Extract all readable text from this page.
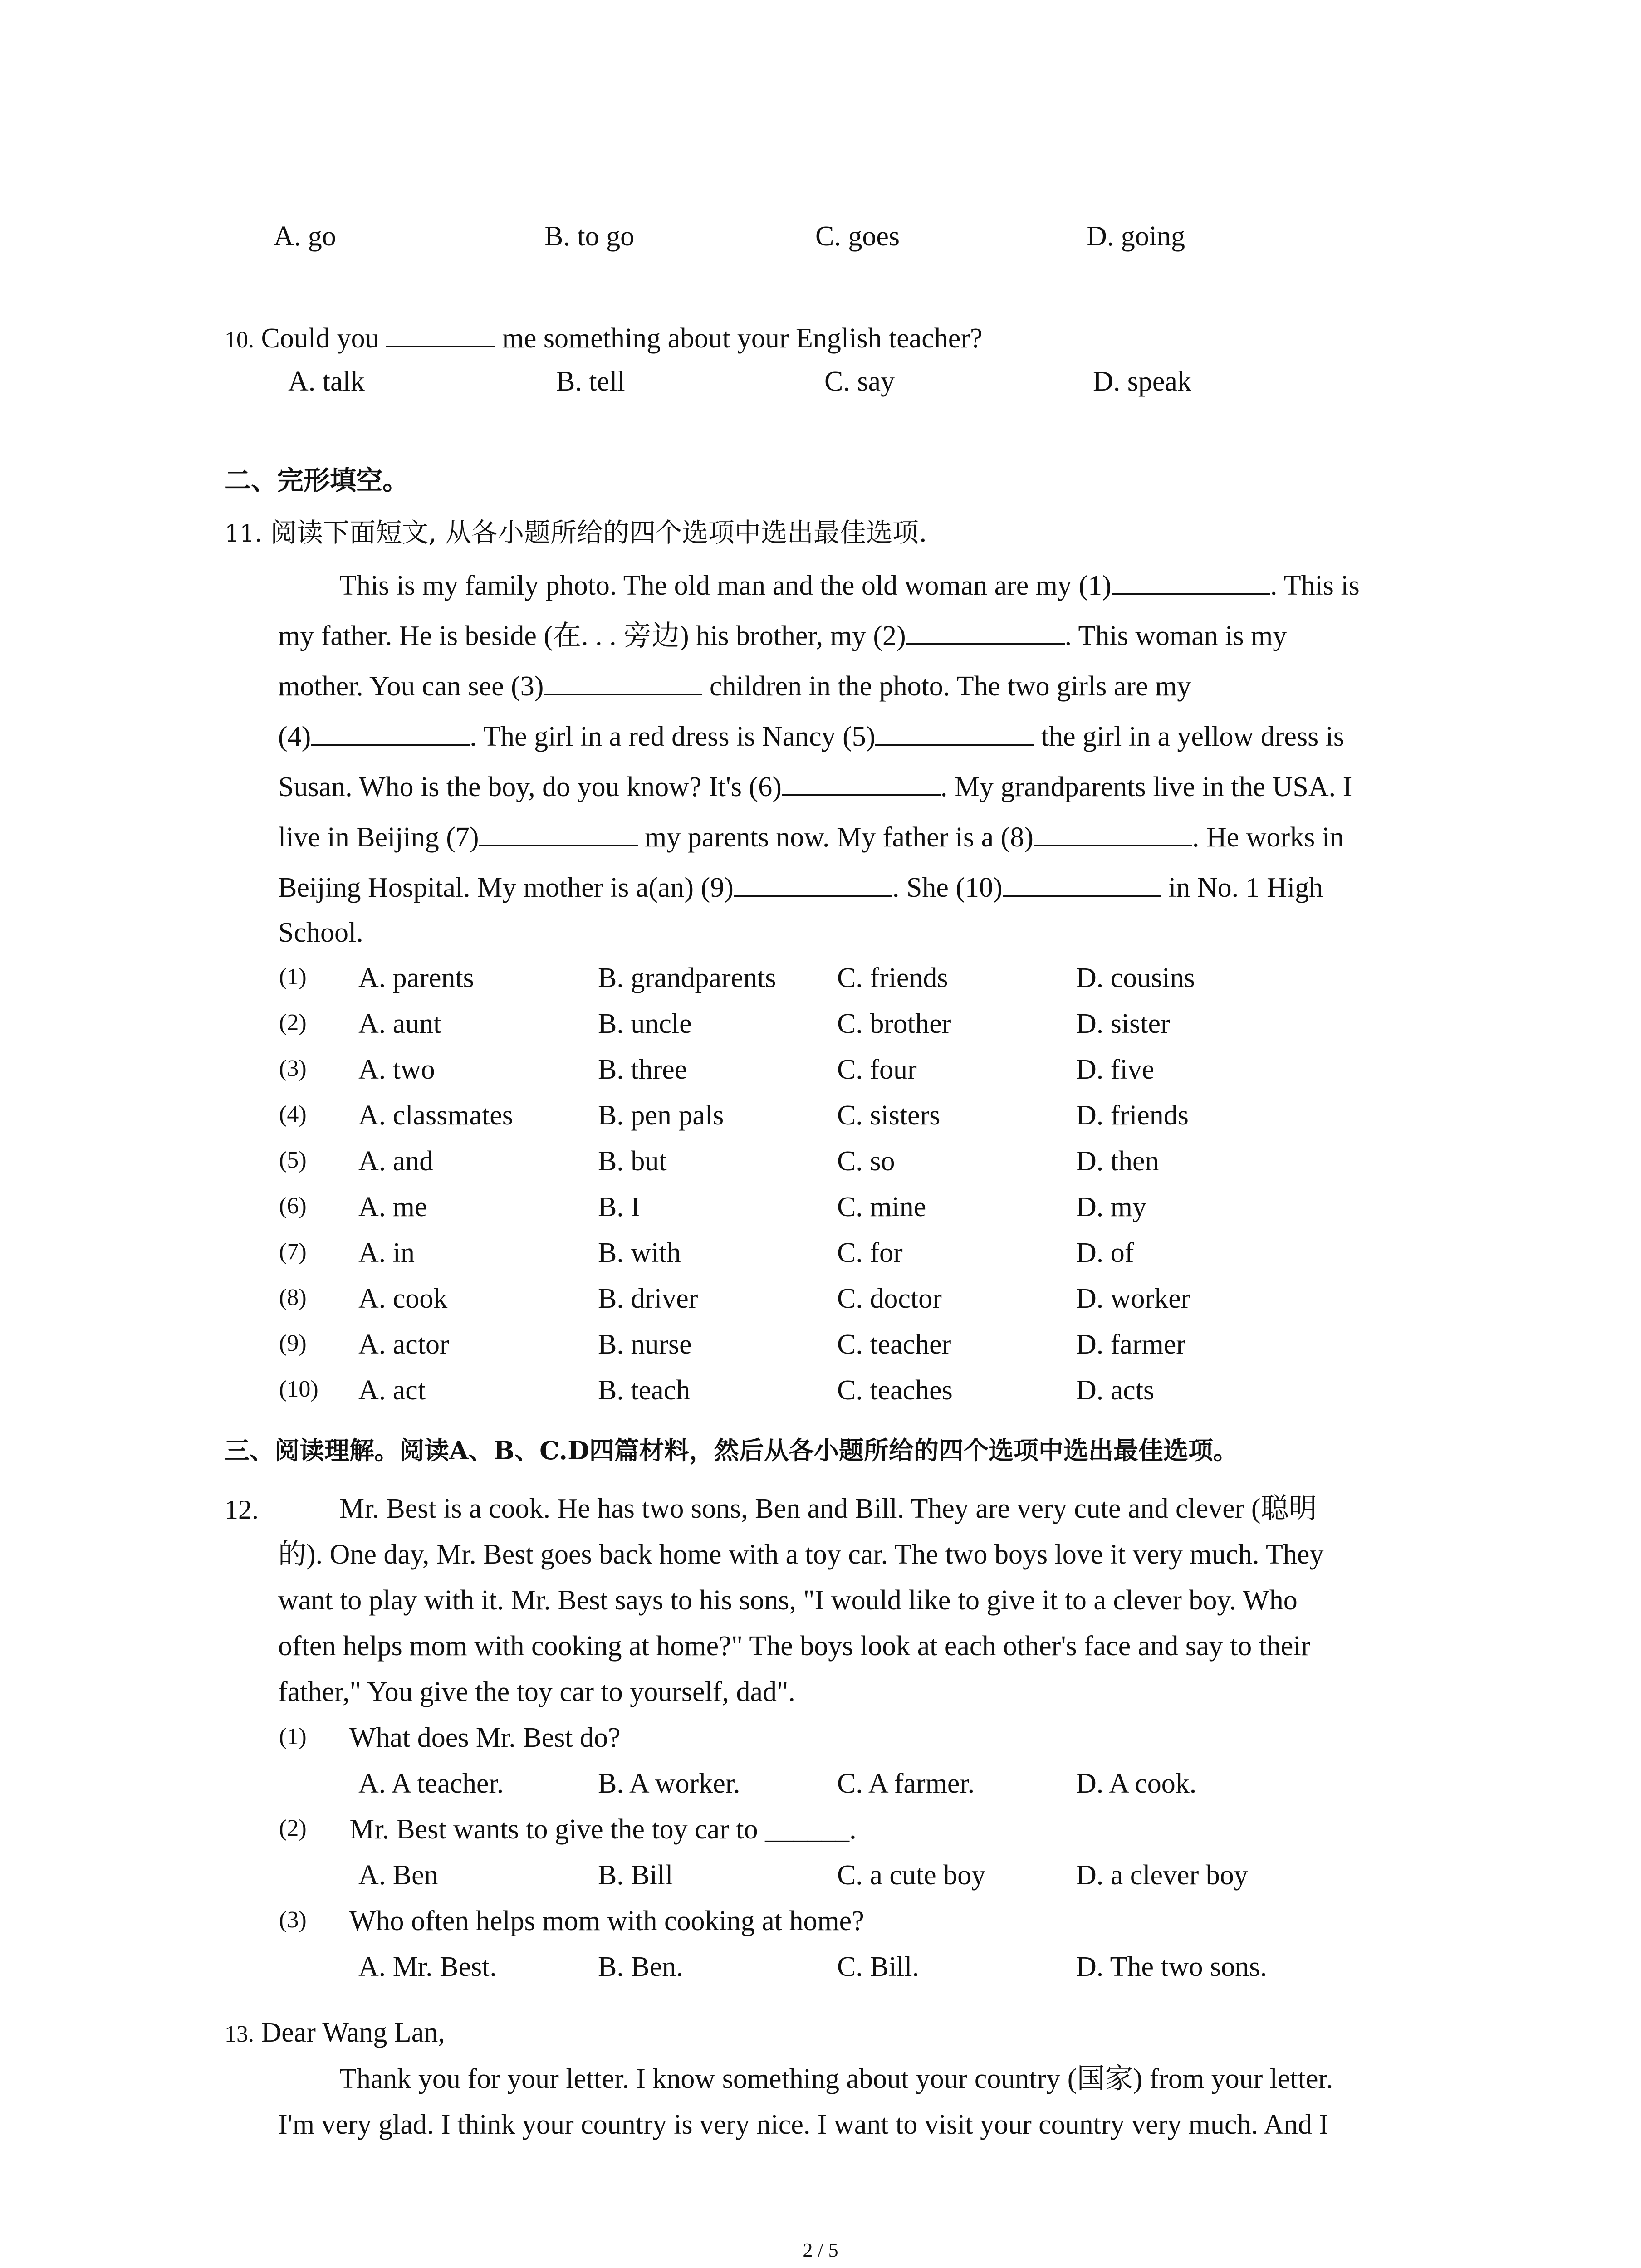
A. go	B. to go	C. goes	D. going
10. Could you	me something about your English teacher?
A. talk	B. tell	C. say	D. speak
二、完形填空。
11. 阅读下面短文, 从各小题所给的四个选项中选出最佳选项.
This is my family photo. The old man and the old woman are my (1)	. This is
my father. He is beside (在. . . 旁边) his brother, my (2)	. This woman is my
mother. You can see (3)	children in the photo. The two girls are my
(4)	. The girl in a red dress is Nancy (5)	the girl in a yellow dress is
Susan. Who is the boy, do you know? It's (6)	. My grandparents live in the USA. I
live in Beijing (7)	my parents now. My father is a (8)	. He works in
Beijing Hospital. My mother is a(an) (9)	. She (10)	in No. 1 High
School.
(1) A. parents	B. grandparents C. friends	D. cousins
(2) A. aunt	B. uncle	C. brother	D. sister
(3) A. two	B. three	C. four	D. five
(4) A. classmates	B. pen pals	C. sisters	D. friends
(5) A. and	B. but	C. so	D. then
(6) A. me	B. I	C. mine	D. my
(7) A. in	B. with	C. for	D. of
(8) A. cook	B. driver	C. doctor	D. worker
(9) A. actor	B. nurse	C. teacher	D. farmer
(10) A. act	B. teach	C. teaches	D. acts
三、阅读理解。阅读A、B、C.D四篇材料，然后从各小题所给的四个选项中选出最佳选项。
12.	Mr. Best is a cook. He has two sons, Ben and Bill. They are very cute and clever (聪明
的). One day, Mr. Best goes back home with a toy car. The two boys love it very much. They
want to play with it. Mr. Best says to his sons, "I would like to give it to a clever boy. Who
often helps mom with cooking at home?" The boys look at each other's face and say to their
father," You give the toy car to yourself, dad".
(1) What does Mr. Best do?
A. A teacher.	B. A worker.	C. A farmer.	D. A cook.
(2) Mr. Best wants to give the toy car to ______.
A. Ben	B. Bill	C. a cute boy	D. a clever boy
(3) Who often helps mom with cooking at home?
A. Mr. Best.	B. Ben.	C. Bill.	D. The two sons.
13. Dear Wang Lan,
Thank you for your letter. I know something about your country (国家) from your letter.
I'm very glad. I think your country is very nice. I want to visit your country very much. And I
2 / 5
